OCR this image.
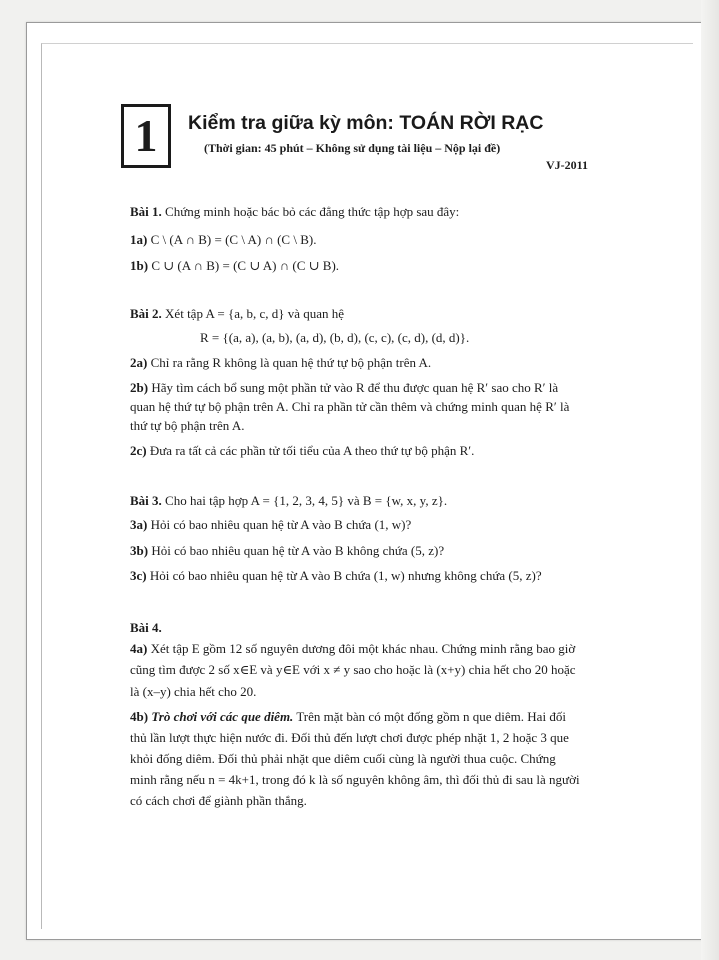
1	Kiểm tra giữa kỳ môn: TOÁN RỜI RẠC
(Thời gian: 45 phút – Không sử dụng tài liệu – Nộp lại đề)
VJ-2011
Bài 1. Chứng minh hoặc bác bỏ các đẳng thức tập hợp sau đây:
1a) C \ (A ∩ B) = (C \ A) ∩ (C \ B).
1b) C ∪ (A ∩ B) = (C ∪ A) ∩ (C ∪ B).
Bài 2. Xét tập A = {a, b, c, d} và quan hệ
R = {(a, a), (a, b), (a, d), (b, d), (c, c), (c, d), (d, d)}.
2a) Chỉ ra rằng R không là quan hệ thứ tự bộ phận trên A.
2b) Hãy tìm cách bổ sung một phần tử vào R để thu được quan hệ R′ sao cho R′ là
quan hệ thứ tự bộ phận trên A. Chỉ ra phần tử cần thêm và chứng minh quan hệ R′ là
thứ tự bộ phận trên A.
2c) Đưa ra tất cả các phần tử tối tiểu của A theo thứ tự bộ phận R′.
Bài 3. Cho hai tập hợp A = {1, 2, 3, 4, 5} và B = {w, x, y, z}.
3a) Hỏi có bao nhiêu quan hệ từ A vào B chứa (1, w)?
3b) Hỏi có bao nhiêu quan hệ từ A vào B không chứa (5, z)?
3c) Hỏi có bao nhiêu quan hệ từ A vào B chứa (1, w) nhưng không chứa (5, z)?
Bài 4.
4a) Xét tập E gồm 12 số nguyên dương đôi một khác nhau. Chứng minh rằng bao giờ
cũng tìm được 2 số x∈E và y∈E với x ≠ y sao cho hoặc là (x+y) chia hết cho 20 hoặc
là (x–y) chia hết cho 20.
4b) Trò chơi với các que diêm. Trên mặt bàn có một đống gồm n que diêm. Hai đối
thủ lần lượt thực hiện nước đi. Đối thủ đến lượt chơi được phép nhặt 1, 2 hoặc 3 que
khỏi đống diêm. Đối thủ phải nhặt que diêm cuối cùng là người thua cuộc. Chứng
minh rằng nếu n = 4k+1, trong đó k là số nguyên không âm, thì đối thủ đi sau là người
có cách chơi để giành phần thắng.
